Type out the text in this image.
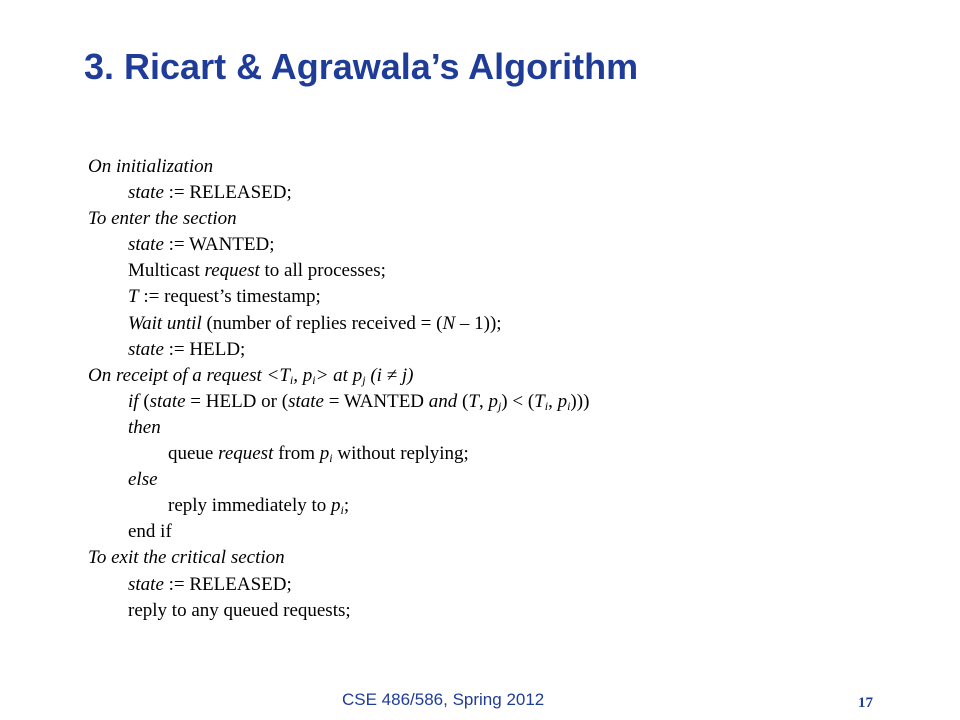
3. Ricart & Agrawala’s Algorithm
On initialization
state := RELEASED;
To enter the section
state := WANTED;
Multicast request to all processes;
T := request’s timestamp;
Wait until (number of replies received = (N – 1));
state := HELD;
On receipt of a request $<T_i$, $p_i>$ at $p_j$ (i ≠ j)
if (state = HELD or (state = WANTED and (T, $p_j) < (T_i$, $p_i$)))
then
queue request from $p_i$ without replying;
else
reply immediately to $p_i$;
end if
To exit the critical section
state := RELEASED;
reply to any queued requests;
CSE 486/586, Spring 2012	17
